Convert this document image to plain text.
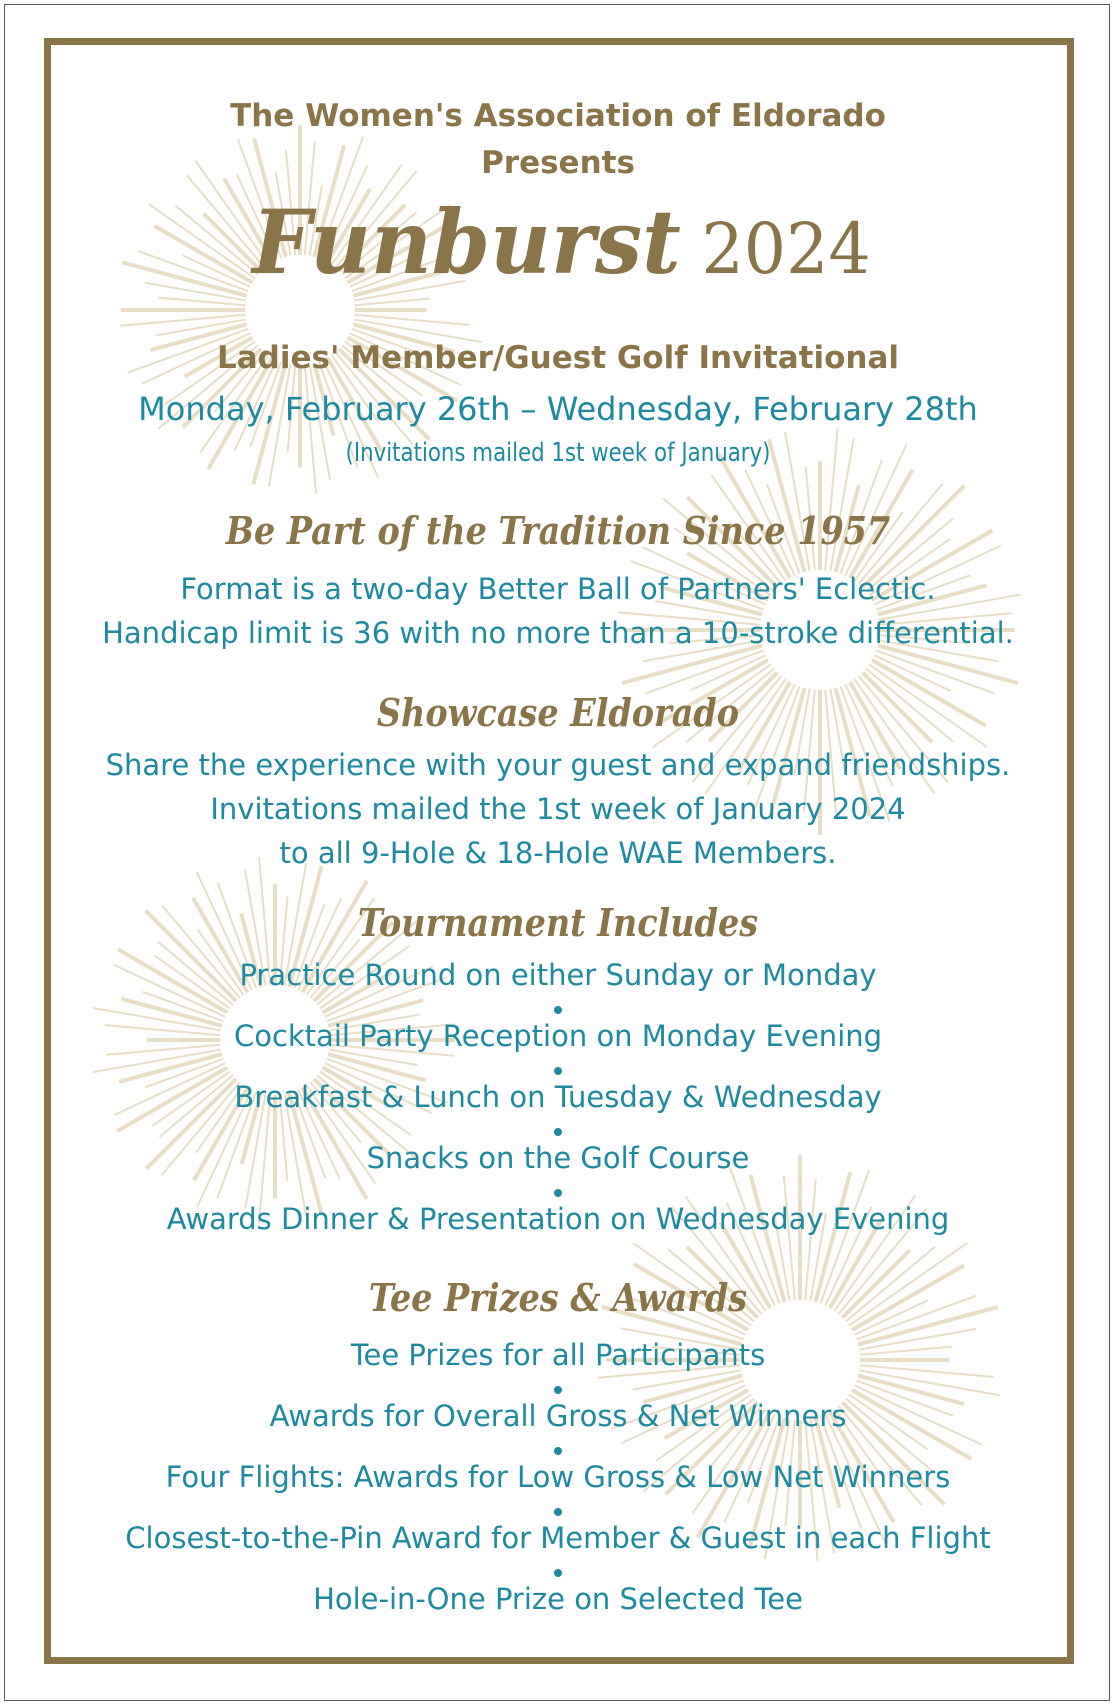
The Women's Association of Eldorado
Presents
Funburst 2024
Ladies' Member/Guest Golf Invitational
Monday, February 26th – Wednesday, February 28th
(Invitations mailed 1st week of January)
Be Part of the Tradition Since 1957
Format is a two-day Better Ball of Partners' Eclectic.
Handicap limit is 36 with no more than a 10-stroke differential.
Showcase Eldorado
Share the experience with your guest and expand friendships.
Invitations mailed the 1st week of January 2024
to all 9-Hole & 18-Hole WAE Members.
Tournament Includes
Practice Round on either Sunday or Monday
Cocktail Party Reception on Monday Evening
Breakfast & Lunch on Tuesday & Wednesday
Snacks on the Golf Course
Awards Dinner & Presentation on Wednesday Evening
Tee Prizes & Awards
Tee Prizes for all Participants
Awards for Overall Gross & Net Winners
Four Flights: Awards for Low Gross & Low Net Winners
Closest-to-the-Pin Award for Member & Guest in each Flight
Hole-in-One Prize on Selected Tee
